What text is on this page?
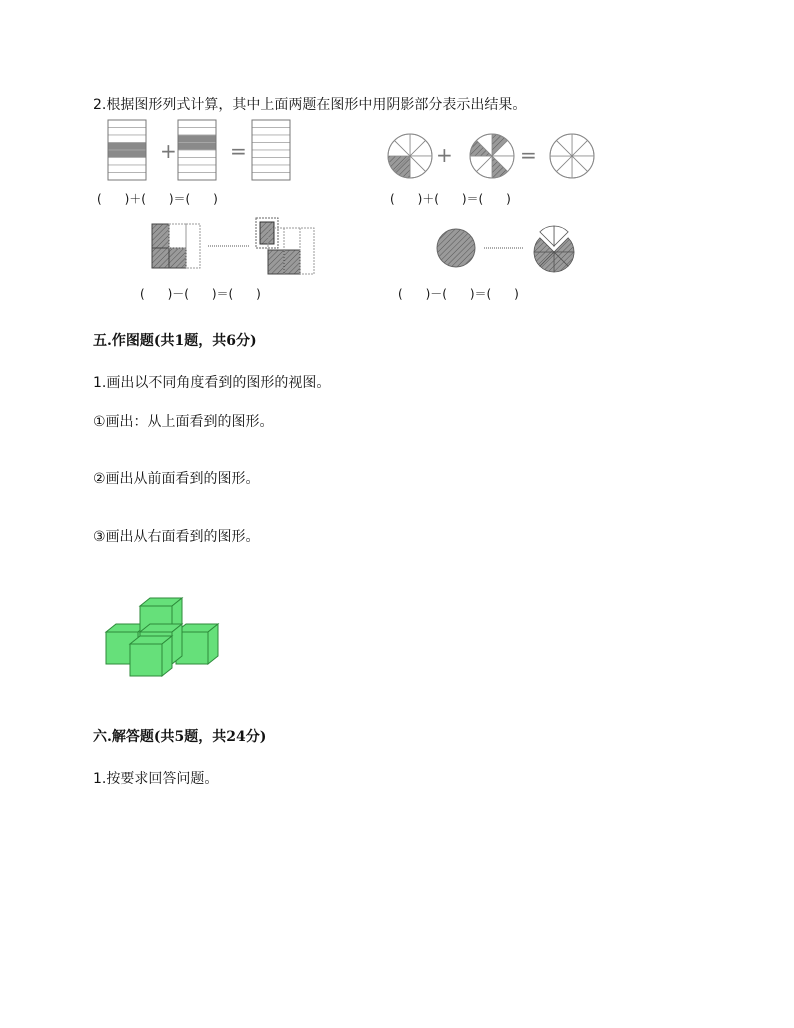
2.根据图形列式计算，其中上面两题在图形中用阴影部分表示出结果。
+	=
(      )＋(      )＝(      )
+	=
(      )＋(      )＝(      )
(      )－(      )＝(      )	(      )－(      )＝(      )
五.作图题(共1题，共6分)
1.画出以不同角度看到的图形的视图。
①画出：从上面看到的图形。
②画出从前面看到的图形。
③画出从右面看到的图形。
六.解答题(共5题，共24分)
1.按要求回答问题。
